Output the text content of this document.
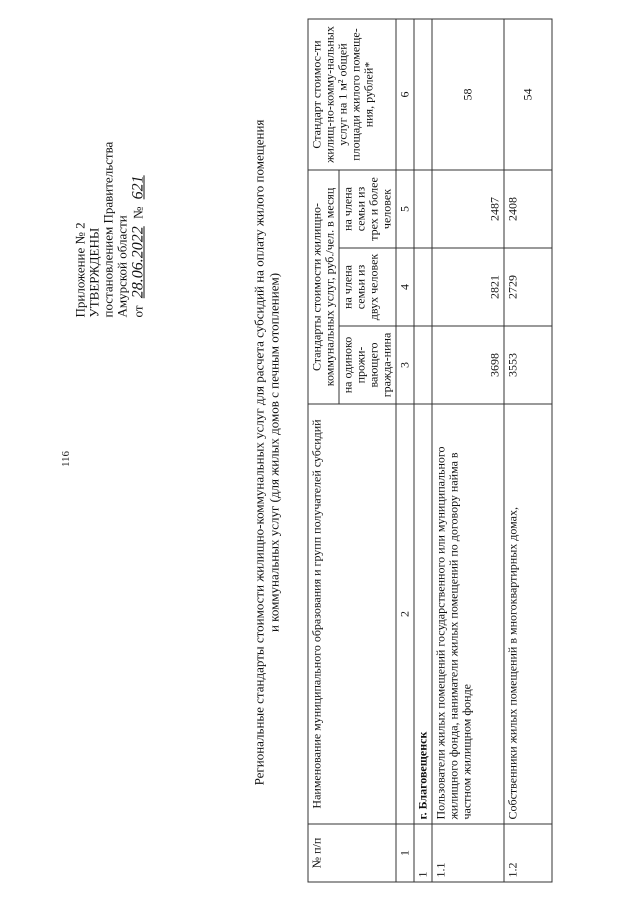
116
Приложение № 2 УТВЕРЖДЕНЫ постановлением Правительства Амурской области от 28.06.2022 № 621	Региональные стандарты стоимости жилищно-коммунальных услуг для расчета субсидий на оплату жилого помещения и коммунальных услуг (для жилых домов с печным отоплением)
№ п/п	Наименование муниципального образования и групп получателей субсидий	Стандарты стоимости жилищно-коммунальных услуг, руб./чел. в месяц			Стандарт стоимос-ти жилищ-но-комму-нальных услуг на 1 м² общей площади жилого помеще-ния, рублей*
		на одиноко прожи-вающего гражда-нина	на члена семьи из двух человек	на члена семьи из трех и более человек	
1	2	3	4	5	6
1	г. Благовещенск				
1.1	Пользователи жилых помещений государственного или муниципального жилищного фонда, наниматели жилых помещений по договору найма в частном жилищном фонде	3698	2821	2487	58
1.2	Собственники жилых помещений в многоквартирных домах,	3553	2729	2408	54
